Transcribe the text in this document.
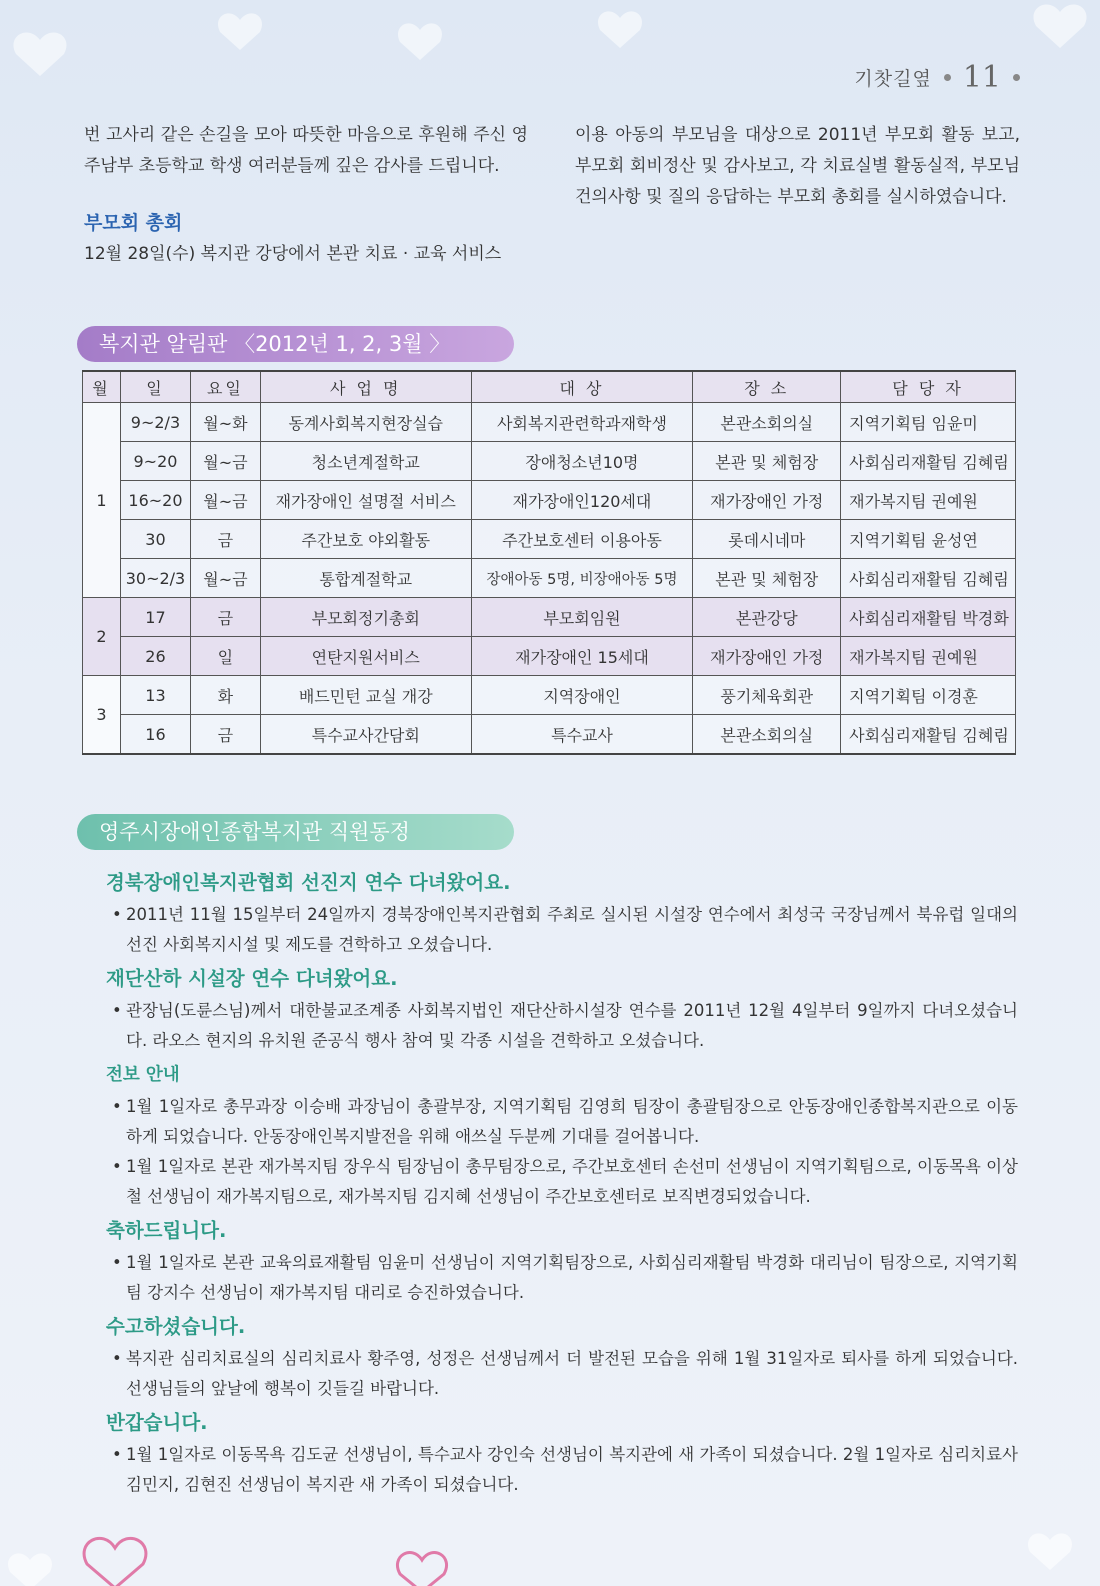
기찻길옆 11

번 고사리 같은 손길을 모아 따뜻한 마음으로 후원해 주신 영주남부 초등학교 학생 여러분들께 깊은 감사를 드립니다.

부모회 총회

12월 28일(수) 복지관 강당에서 본관 치료 · 교육 서비스

이용 아동의 부모님을 대상으로 2011년 부모회 활동 보고, 부모회 회비정산 및 감사보고, 각 치료실별 활동실적, 부모님 건의사항 및 질의 응답하는 부모회 총회를 실시하였습니다.

복지관 알림판 〈2012년 1, 2, 3월 〉
월	일	요일	사 업 명	대 상	장 소	담 당 자
1	9~2/3	월~화	동계사회복지현장실습	사회복지관련학과재학생	본관소회의실	지역기획팀 임윤미
	9~20	월~금	청소년계절학교	장애청소년10명	본관 및 체험장	사회심리재활팀 김혜림
	16~20	월~금	재가장애인 설명절 서비스	재가장애인120세대	재가장애인 가정	재가복지팀 권예원
	30	금	주간보호 야외활동	주간보호센터 이용아동	롯데시네마	지역기획팀 윤성연
	30~2/3	월~금	통합계절학교	장애아동 5명, 비장애아동 5명	본관 및 체험장	사회심리재활팀 김혜림
2	17	금	부모회정기총회	부모회임원	본관강당	사회심리재활팀 박경화
	26	일	연탄지원서비스	재가장애인 15세대	재가장애인 가정	재가복지팀 권예원
3	13	화	배드민턴 교실 개강	지역장애인	풍기체육회관	지역기획팀 이경훈
	16	금	특수교사간담회	특수교사	본관소회의실	사회심리재활팀 김혜림
영주시장애인종합복지관 직원동정
경북장애인복지관협회 선진지 연수 다녀왔어요.
• 2011년 11월 15일부터 24일까지 경북장애인복지관협회 주최로 실시된 시설장 연수에서 최성국 국장님께서 북유럽 일대의 선진 사회복지시설 및 제도를 견학하고 오셨습니다.
재단산하 시설장 연수 다녀왔어요.
• 관장님(도륜스님)께서 대한불교조계종 사회복지법인 재단산하시설장 연수를 2011년 12월 4일부터 9일까지 다녀오셨습니다. 라오스 현지의 유치원 준공식 행사 참여 및 각종 시설을 견학하고 오셨습니다.
전보 안내
• 1월 1일자로 총무과장 이승배 과장님이 총괄부장, 지역기획팀 김영희 팀장이 총괄팀장으로 안동장애인종합복지관으로 이동하게 되었습니다. 안동장애인복지발전을 위해 애쓰실 두분께 기대를 걸어봅니다.
• 1월 1일자로 본관 재가복지팀 장우식 팀장님이 총무팀장으로, 주간보호센터 손선미 선생님이 지역기획팀으로, 이동목욕 이상철 선생님이 재가복지팀으로, 재가복지팀 김지혜 선생님이 주간보호센터로 보직변경되었습니다.
축하드립니다.
• 1월 1일자로 본관 교육의료재활팀 임윤미 선생님이 지역기획팀장으로, 사회심리재활팀 박경화 대리님이 팀장으로, 지역기획팀 강지수 선생님이 재가복지팀 대리로 승진하였습니다.
수고하셨습니다.
• 복지관 심리치료실의 심리치료사 황주영, 성정은 선생님께서 더 발전된 모습을 위해 1월 31일자로 퇴사를 하게 되었습니다. 선생님들의 앞날에 행복이 깃들길 바랍니다.
반갑습니다.
• 1월 1일자로 이동목욕 김도균 선생님이, 특수교사 강인숙 선생님이 복지관에 새 가족이 되셨습니다. 2월 1일자로 심리치료사 김민지, 김현진 선생님이 복지관 새 가족이 되셨습니다.
